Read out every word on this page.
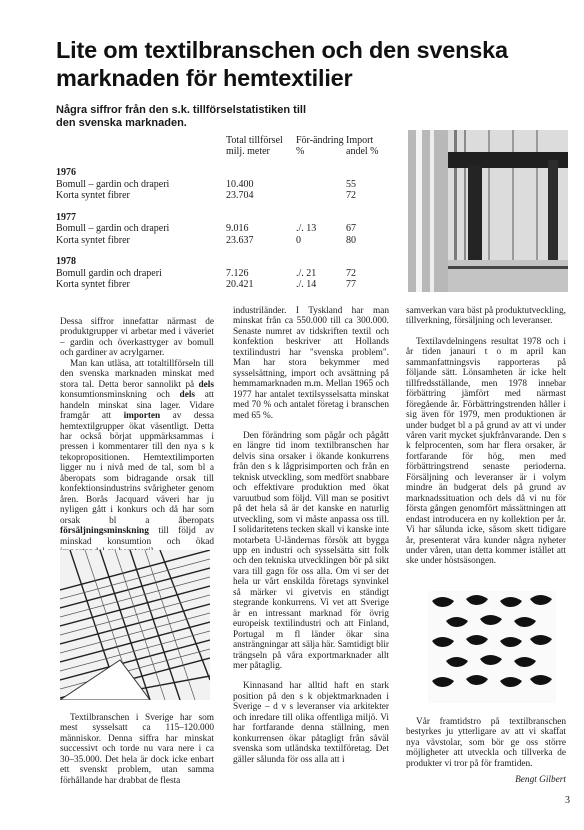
Lite om textilbranschen och den svenska marknaden för hemtextilier
Några siffror från den s.k. tillförselstatistiken till den svenska marknaden.
	Total tillförsel milj. meter	För-ändring %	Import andel %
1976			
Bomull – gardin och draperi	10.400		55
Korta syntet fibrer	23.704		72
1977			
Bomull – gardin och draperi	9.016	./. 13	67
Korta syntet fibrer	23.637	0	80
1978			
Bomull gardin och draperi	7.126	./. 21	72
Korta syntet fibrer	20.421	./. 14	77

Dessa siffror innefattar närmast de produktgrupper vi arbetar med i väveriet – gardin och överkasttyger av bomull och gardiner av acrylgarner.

Man kan utläsa, att totaltillförseln till den svenska marknaden minskat med stora tal. Detta beror sannolikt på dels konsumtionsminskning och dels att handeln minskat sina lager. Vidare framgår att importen av dessa hemtextilgrupper ökat väsentligt. Detta har också börjat uppmärksammas i pressen i kommentarer till den nya s k tekopropositionen. Hemtextilimporten ligger nu i nivå med de tal, som bl a åberopats som bidragande orsak till konfektionsindustrins svårigheter genom åren. Borås Jacquard väveri har ju nyligen gått i konkurs och då har som orsak bl a åberopats försäljningsminskning till följd av minskad konsumtion och ökad

Textilbranschen i Sverige har som mest sysselsatt ca 115–120.000 människor. Denna siffra har minskat successivt och torde nu vara nere i ca 30–35.000. Det hela är dock icke enbart ett svenskt problem, utan samma förhållande har drabbat de flesta

industriländer. I Tyskland har man minskat från ca 550.000 till ca 300.000. Senaste numret av tidskriften textil och konfektion beskriver att Hollands textilindustri har "svenska problem". Man har stora bekymmer med sysselsättning, import och avsättning på hemmamarknaden m.m. Mellan 1965 och 1977 har antalet textilsysselsatta minskat med 70 % och antalet företag i branschen med 65 %.

Den förändring som pågår och pågått en längre tid inom textilbranschen har delvis sina orsaker i ökande konkurrens från den s k lågprisimporten och från en teknisk utveckling, som medfört snabbare och effektivare produktion med ökat varuutbud som följd. Vill man se positivt på det hela så är det kanske en naturlig utveckling, som vi måste anpassa oss till. I solidaritetens tecken skall vi kanske inte motarbeta U-ländernas försök att bygga upp en industri och sysselsätta sitt folk och den tekniska utvecklingen bör på sikt vara till gagn för oss alla. Om vi ser det hela ur vårt enskilda företags synvinkel så märker vi givetvis en ständigt stegrande konkurrens. Vi vet att Sverige är en intressant marknad för övrig europeisk textilindustri och att Finland, Portugal m fl länder ökar sina ansträngningar att sälja här. Samtidigt blir trängseln på våra exportmarknader allt mer påtaglig.

Kinnasand har alltid haft en stark position på den s k objektmarknaden i Sverige – d v s leveranser via arkitekter och inredare till olika offentliga miljö. Vi har fortfarande denna ställning, men konkurrensen ökar påtagligt från såväl svenska som utländska textilföretag. Det gäller sålunda för oss alla att i

samverkan vara bäst på produktutveckling, tillverkning, försäljning och leveranser.

Textilavdelningens resultat 1978 och i år tiden janauri t o m april kan sammanfattningsvis rapporteras på följande sätt. Lönsamheten är icke helt tillfredsställande, men 1978 innebar förbättring jämfört med närmast föregående år. Förbättringstrenden håller i sig även för 1979, men produktionen är under budget bl a på grund av att vi under våren varit mycket sjukfrånvarande. Den s k felprocenten, som har flera orsaker, är fortfarande för hög, men med förbättringstrend senaste perioderna. Försäljning och leveranser är i volym mindre än budgerat dels på grund av marknadssituation och dels då vi nu för första gången genomfört mässättningen att endast introducera en ny kollektion per år. Vi har sålunda icke, såsom skett tidigare år, presenterat våra kunder några nyheter under våren, utan detta kommer istället att ske under höstsäsongen.

Vår framtidstro på textilbranschen bestyrkes ju ytterligare av att vi skaffat nya vävstolar, som bör ge oss större möjligheter att utveckla och tillverka de produkter vi tror på för framtiden.

Bengt Gilbert

3
